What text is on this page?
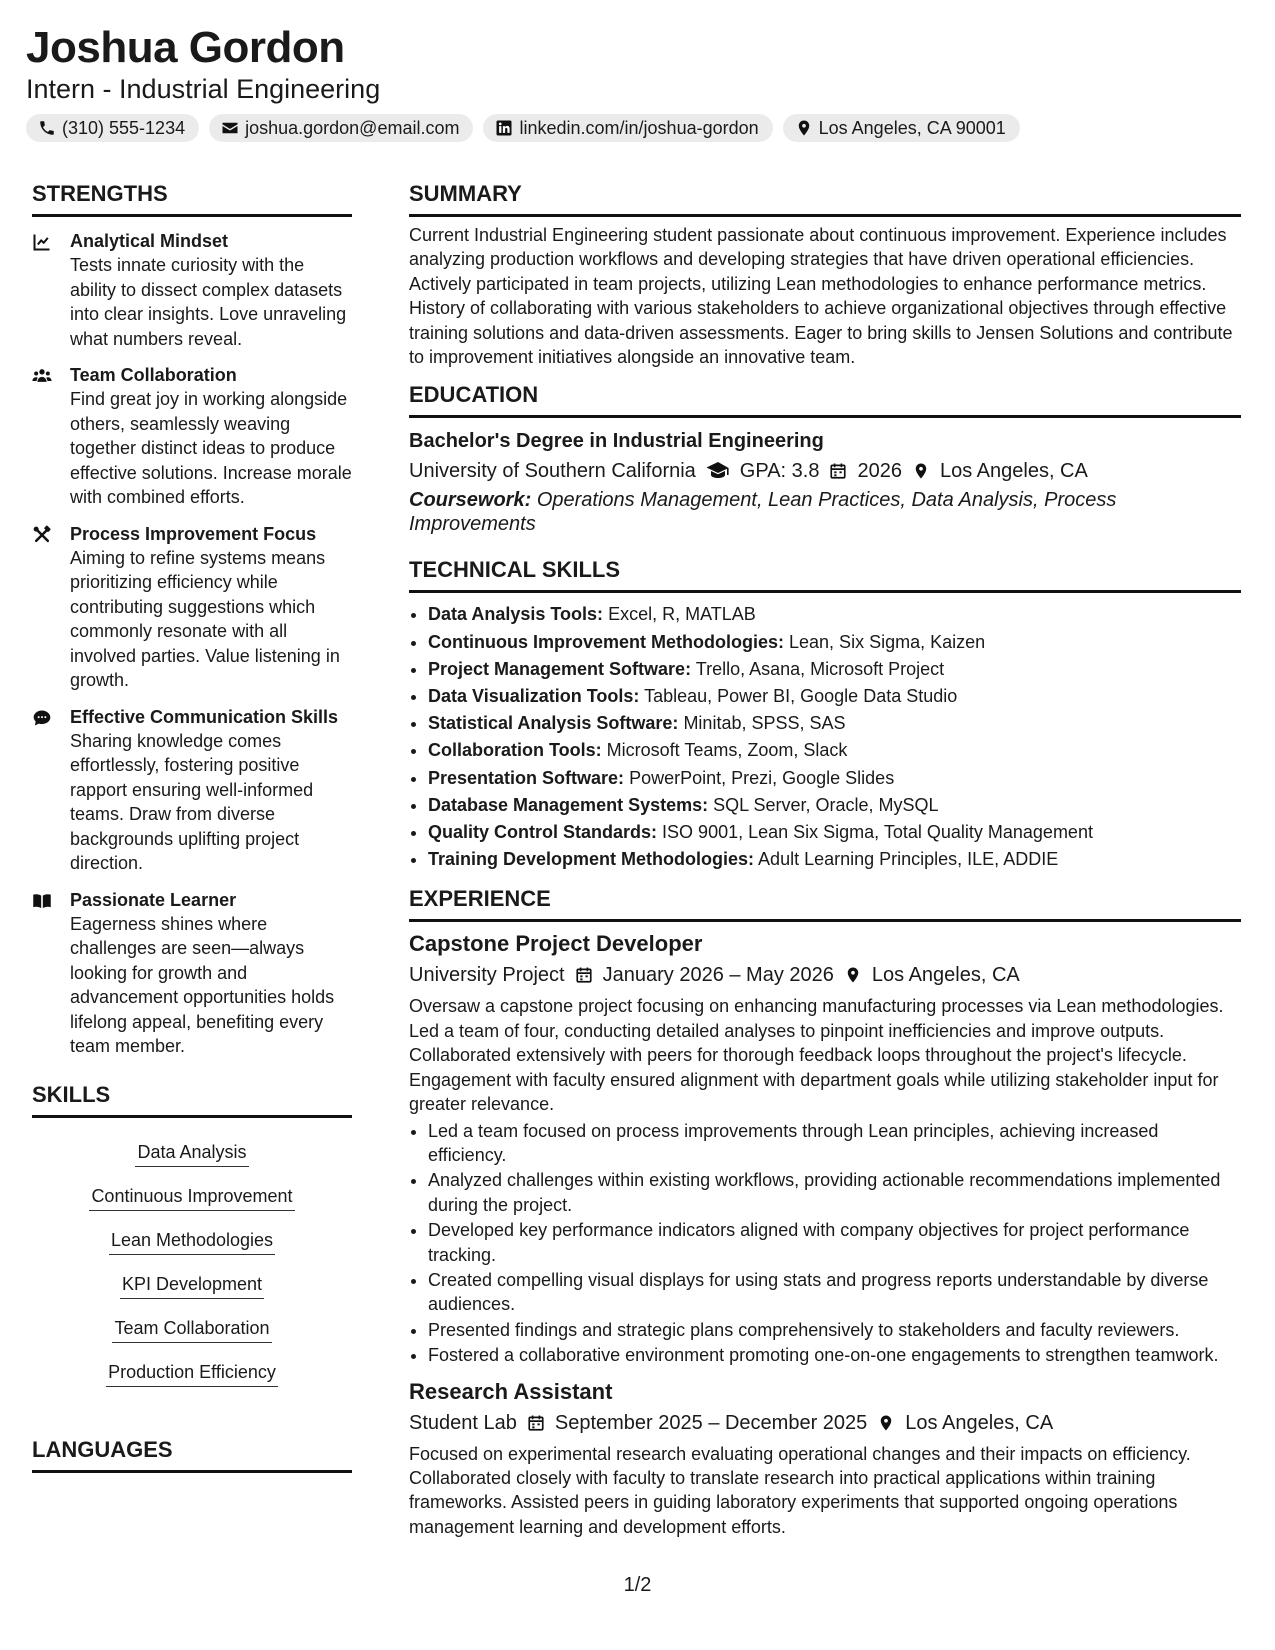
Joshua Gordon
Intern - Industrial Engineering
(310) 555-1234	joshua.gordon@email.com	linkedin.com/in/joshua-gordon	Los Angeles, CA 90001
STRENGTHS
Analytical Mindset
Tests innate curiosity with the ability to dissect complex datasets into clear insights. Love unraveling what numbers reveal.
Team Collaboration
Find great joy in working alongside others, seamlessly weaving together distinct ideas to produce effective solutions. Increase morale with combined efforts.
Process Improvement Focus
Aiming to refine systems means prioritizing efficiency while contributing suggestions which commonly resonate with all involved parties. Value listening in growth.
Effective Communication Skills
Sharing knowledge comes effortlessly, fostering positive rapport ensuring well-informed teams. Draw from diverse backgrounds uplifting project direction.
Passionate Learner
Eagerness shines where challenges are seen—always looking for growth and advancement opportunities holds lifelong appeal, benefiting every team member.
SKILLS
Data Analysis
Continuous Improvement
Lean Methodologies
KPI Development
Team Collaboration
Production Efficiency
LANGUAGES
SUMMARY

Current Industrial Engineering student passionate about continuous improvement. Experience includes analyzing production workflows and developing strategies that have driven operational efficiencies. Actively participated in team projects, utilizing Lean methodologies to enhance performance metrics. History of collaborating with various stakeholders to achieve organizational objectives through effective training solutions and data-driven assessments. Eager to bring skills to Jensen Solutions and contribute to improvement initiatives alongside an innovative team.

EDUCATION
Bachelor's Degree in Industrial Engineering
University of Southern California GPA: 3.8 2026 Los Angeles, CA
Coursework: Operations Management, Lean Practices, Data Analysis, Process Improvements
TECHNICAL SKILLS
• Data Analysis Tools: Excel, R, MATLAB
• Continuous Improvement Methodologies: Lean, Six Sigma, Kaizen
• Project Management Software: Trello, Asana, Microsoft Project
• Data Visualization Tools: Tableau, Power BI, Google Data Studio
• Statistical Analysis Software: Minitab, SPSS, SAS
• Collaboration Tools: Microsoft Teams, Zoom, Slack
• Presentation Software: PowerPoint, Prezi, Google Slides
• Database Management Systems: SQL Server, Oracle, MySQL
• Quality Control Standards: ISO 9001, Lean Six Sigma, Total Quality Management
• Training Development Methodologies: Adult Learning Principles, ILE, ADDIE
EXPERIENCE
Capstone Project Developer
University Project January 2026 – May 2026 Los Angeles, CA

Oversaw a capstone project focusing on enhancing manufacturing processes via Lean methodologies. Led a team of four, conducting detailed analyses to pinpoint inefficiencies and improve outputs. Collaborated extensively with peers for thorough feedback loops throughout the project's lifecycle. Engagement with faculty ensured alignment with department goals while utilizing stakeholder input for greater relevance.

• Led a team focused on process improvements through Lean principles, achieving increased efficiency.
• Analyzed challenges within existing workflows, providing actionable recommendations implemented during the project.
• Developed key performance indicators aligned with company objectives for project performance tracking.
• Created compelling visual displays for using stats and progress reports understandable by diverse audiences.
• Presented findings and strategic plans comprehensively to stakeholders and faculty reviewers.
• Fostered a collaborative environment promoting one-on-one engagements to strengthen teamwork.
Research Assistant
Student Lab September 2025 – December 2025 Los Angeles, CA

Focused on experimental research evaluating operational changes and their impacts on efficiency. Collaborated closely with faculty to translate research into practical applications within training frameworks. Assisted peers in guiding laboratory experiments that supported ongoing operations management learning and development efforts.

1/2
